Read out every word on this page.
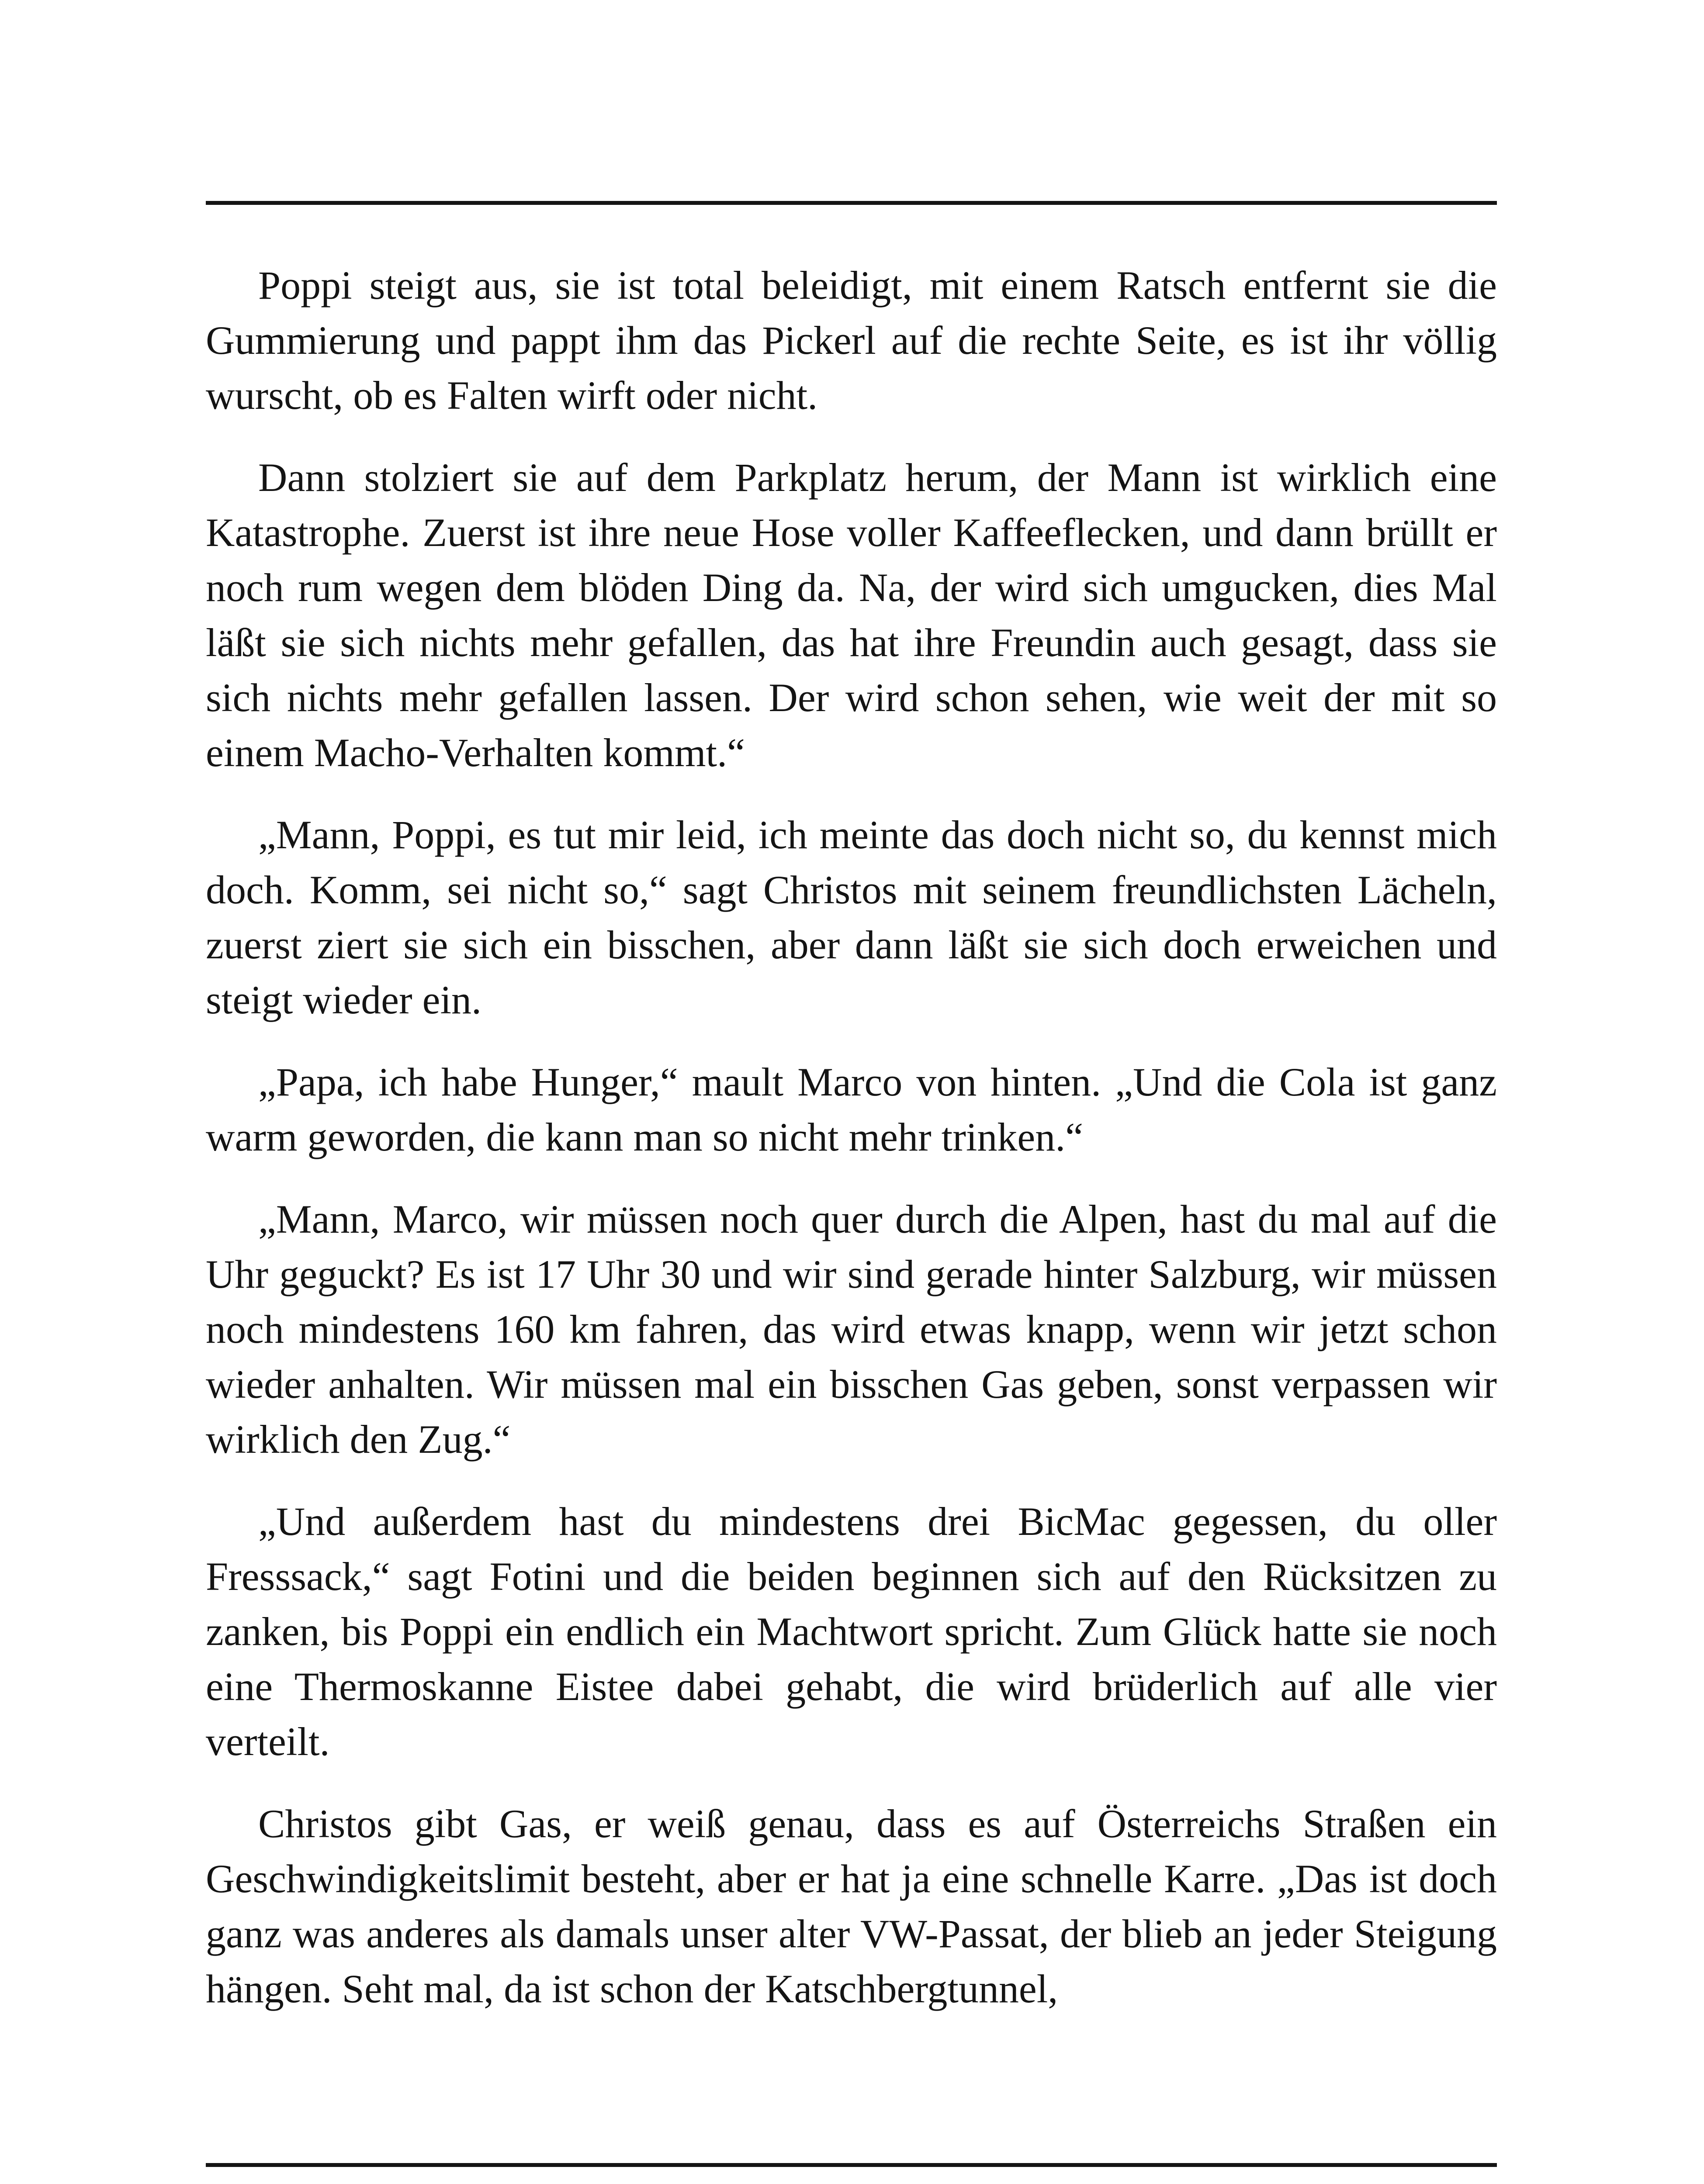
Poppi steigt aus, sie ist total beleidigt, mit einem Ratsch entfernt sie die Gummierung und pappt ihm das Pickerl auf die rechte Seite, es ist ihr völlig wurscht, ob es Falten wirft oder nicht.

Dann stolziert sie auf dem Parkplatz herum, der Mann ist wirklich eine Katastrophe. Zuerst ist ihre neue Hose voller Kaffeeflecken, und dann brüllt er noch rum wegen dem blöden Ding da. Na, der wird sich umgucken, dies Mal läßt sie sich nichts mehr gefallen, das hat ihre Freundin auch gesagt, dass sie sich nichts mehr gefallen lassen. Der wird schon sehen, wie weit der mit so einem Macho-Verhalten kommt.“

„Mann, Poppi, es tut mir leid, ich meinte das doch nicht so, du kennst mich doch. Komm, sei nicht so,“ sagt Christos mit seinem freundlichsten Lächeln, zuerst ziert sie sich ein bisschen, aber dann läßt sie sich doch erweichen und steigt wieder ein.

„Papa, ich habe Hunger,“ mault Marco von hinten. „Und die Cola ist ganz warm geworden, die kann man so nicht mehr trinken.“

„Mann, Marco, wir müssen noch quer durch die Alpen, hast du mal auf die Uhr geguckt? Es ist 17 Uhr 30 und wir sind gerade hinter Salzburg, wir müssen noch mindestens 160 km fahren, das wird etwas knapp, wenn wir jetzt schon wieder anhalten. Wir müssen mal ein bisschen Gas geben, sonst verpassen wir wirklich den Zug.“

„Und außerdem hast du mindestens drei BicMac gegessen, du oller Fresssack,“ sagt Fotini und die beiden beginnen sich auf den Rücksitzen zu zanken, bis Poppi ein endlich ein Machtwort spricht. Zum Glück hatte sie noch eine Thermoskanne Eistee dabei gehabt, die wird brüderlich auf alle vier verteilt.

Christos gibt Gas, er weiß genau, dass es auf Österreichs Straßen ein Geschwindigkeitslimit besteht, aber er hat ja eine schnelle Karre. „Das ist doch ganz was anderes als damals unser alter VW-Passat, der blieb an jeder Steigung hängen. Seht mal, da ist schon der Katschbergtunnel,
